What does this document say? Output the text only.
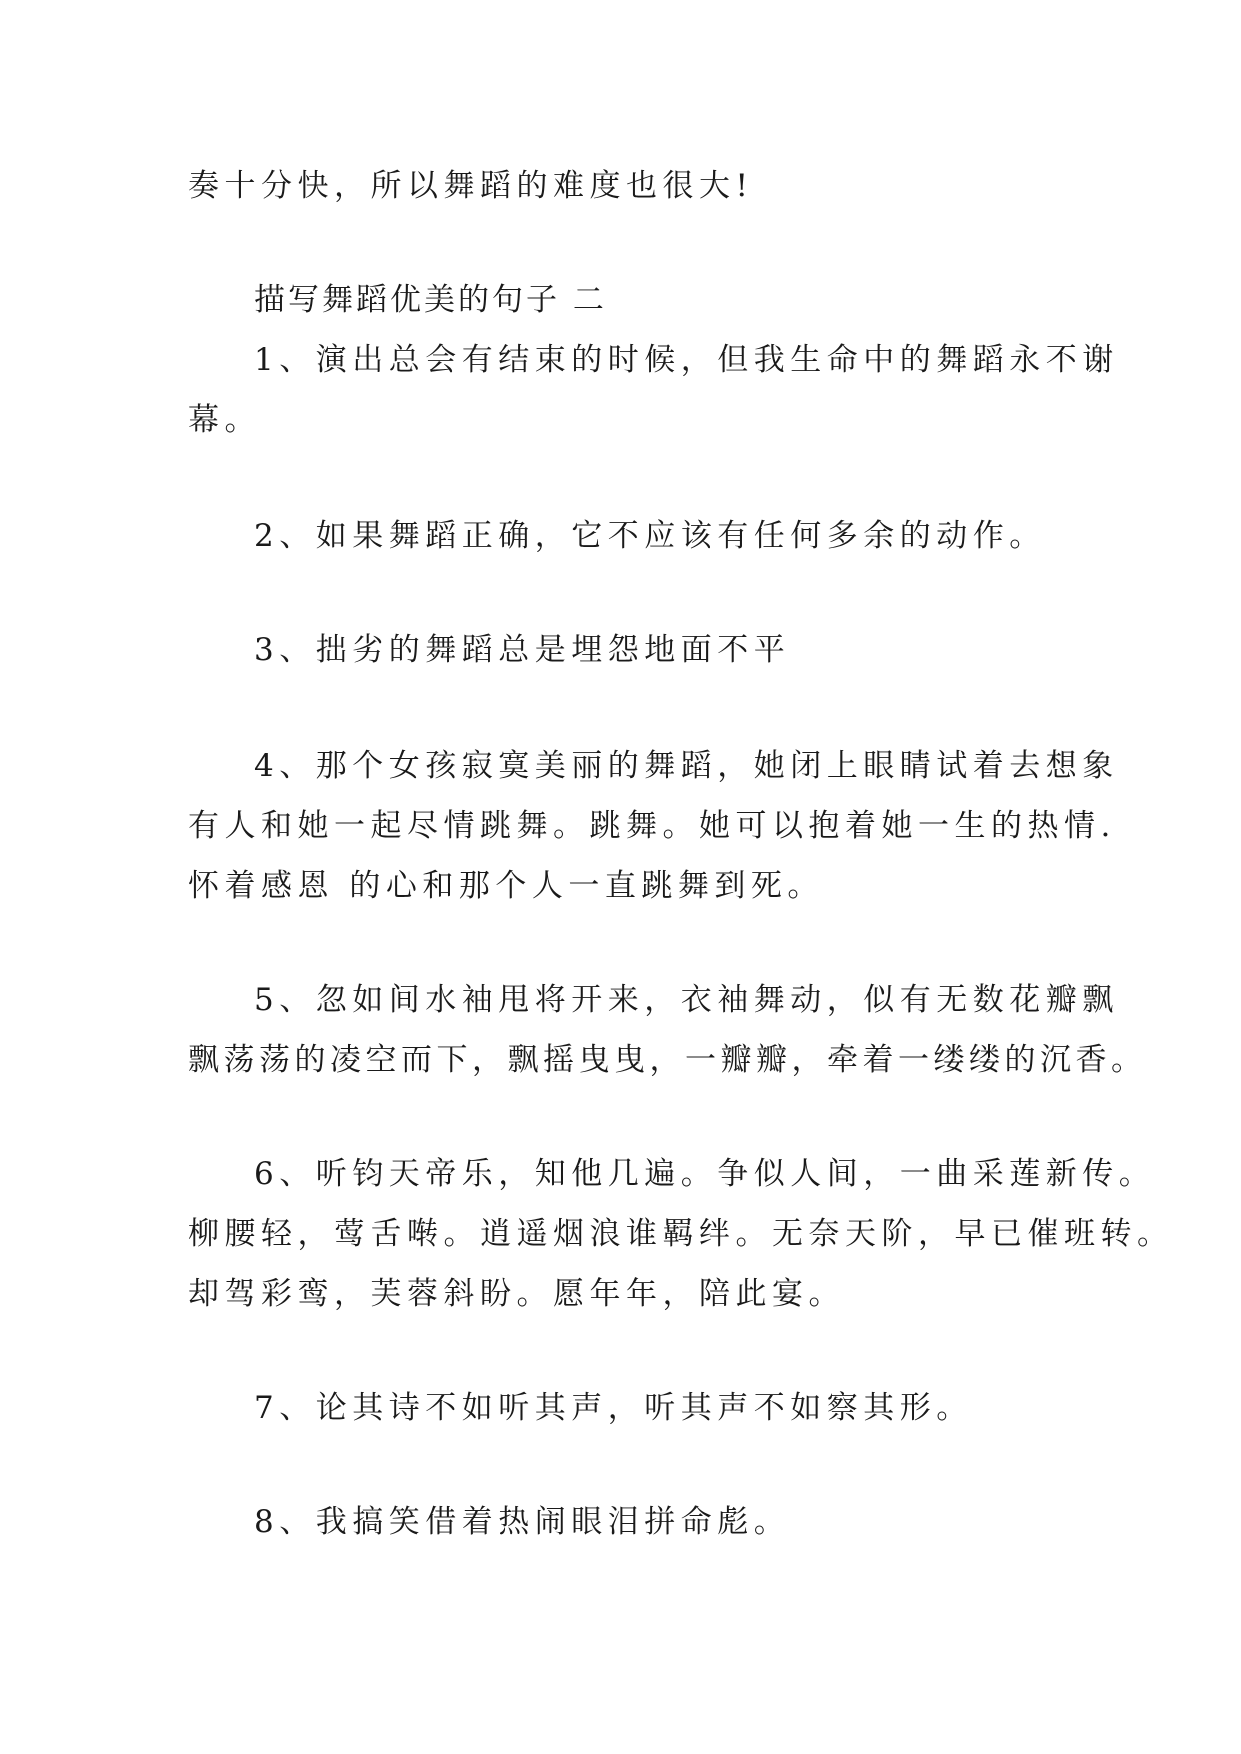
奏十分快，所以舞蹈的难度也很大!

描写舞蹈优美的句子 二

1、演出总会有结束的时候，但我生命中的舞蹈永不谢

幕。

2、如果舞蹈正确，它不应该有任何多余的动作。

3、拙劣的舞蹈总是埋怨地面不平

4、那个女孩寂寞美丽的舞蹈，她闭上眼睛试着去想象

有人和她一起尽情跳舞。跳舞。她可以抱着她一生的热情.

怀着感恩 的心和那个人一直跳舞到死。

5、忽如间水袖甩将开来，衣袖舞动，似有无数花瓣飘

飘荡荡的凌空而下，飘摇曳曳，一瓣瓣，牵着一缕缕的沉香。

6、听钧天帝乐，知他几遍。争似人间，一曲采莲新传。

柳腰轻，莺舌啭。逍遥烟浪谁羁绊。无奈天阶，早已催班转。

却驾彩鸾，芙蓉斜盼。愿年年，陪此宴。

7、论其诗不如听其声，听其声不如察其形。

8、我搞笑借着热闹眼泪拼命彪。
